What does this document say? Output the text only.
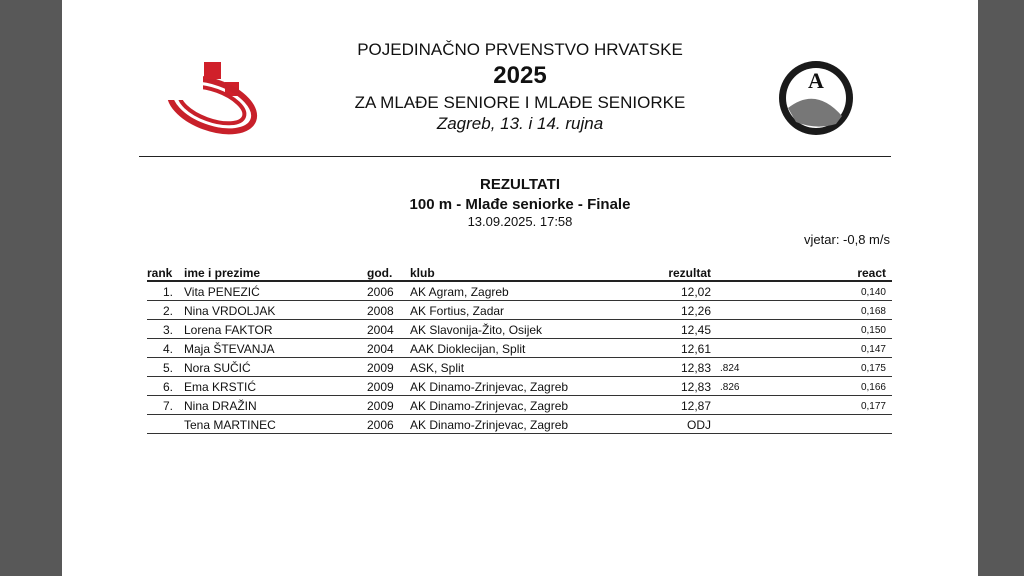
A
POJEDINAČNO PRVENSTVO HRVATSKE
2025
ZA MLAĐE SENIORE I MLAĐE SENIORKE
Zagreb, 13. i 14. rujna
REZULTATI
100 m - Mlađe seniorke - Finale
13.09.2025. 17:58
vjetar: -0,8 m/s
rank ime i prezime	god. klub	rezultat	react
1. Vita PENEZIĆ	2006 AK Agram, Zagreb	12,02	0,140
2. Nina VRDOLJAK	2008 AK Fortius, Zadar	12,26	0,168
3. Lorena FAKTOR	2004 AK Slavonija-Žito, Osijek	12,45	0,150
4. Maja ŠTEVANJA	2004 AAK Dioklecijan, Split	12,61	0,147
5. Nora SUČIĆ	2009 ASK, Split	12,83 .824	0,175
6. Ema KRSTIĆ	2009 AK Dinamo-Zrinjevac, Zagreb	12,83 .826	0,166
7. Nina DRAŽIN	2009 AK Dinamo-Zrinjevac, Zagreb	12,87	0,177
Tena MARTINEC	2006 AK Dinamo-Zrinjevac, Zagreb	ODJ
